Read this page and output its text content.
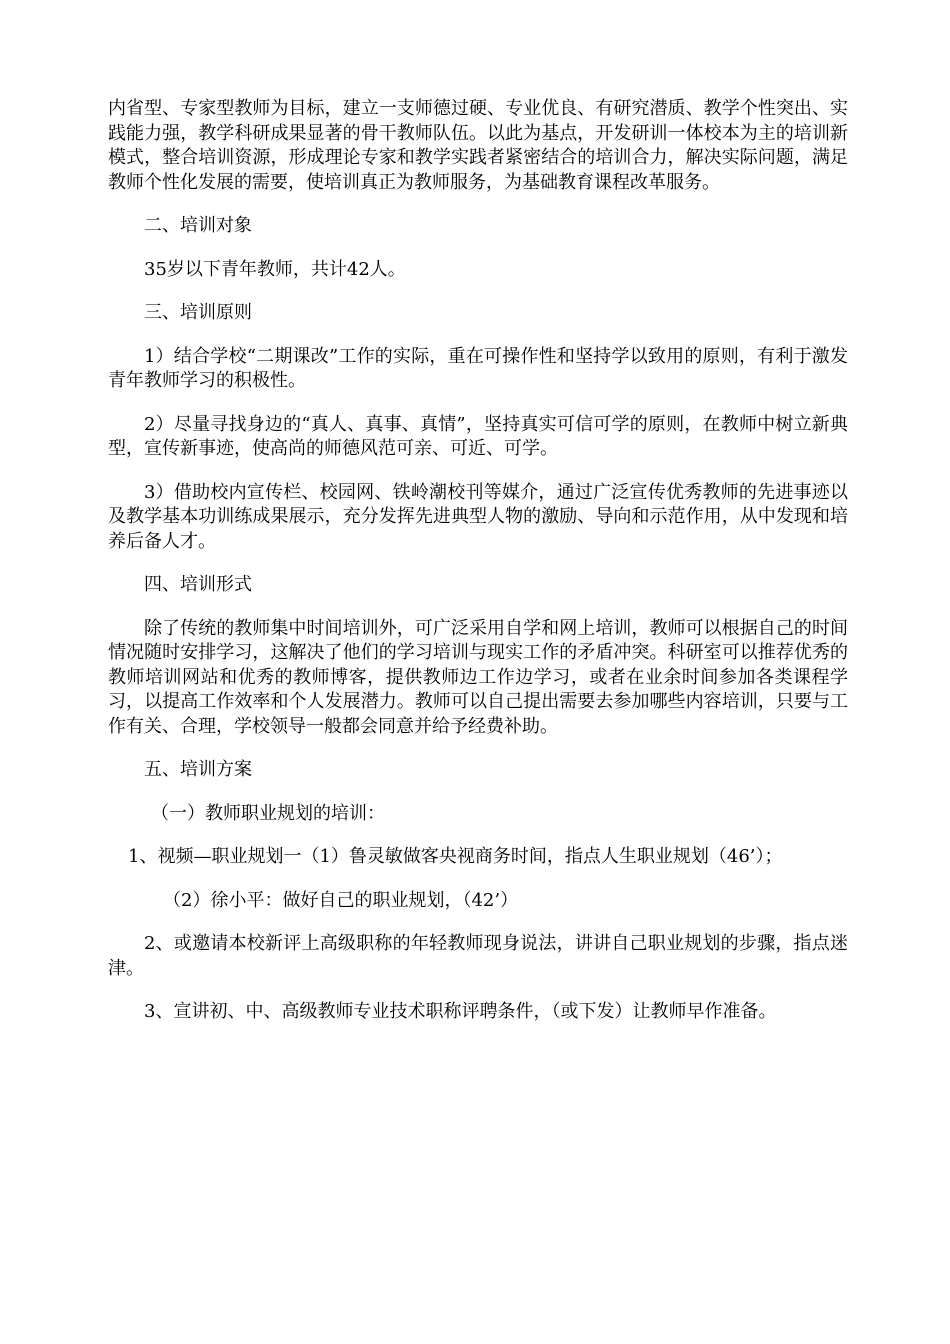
内省型、专家型教师为目标，建立一支师德过硬、专业优良、有研究潜质、教学个性突出、实践能力强，教学科研成果显著的骨干教师队伍。以此为基点，开发研训一体校本为主的培训新模式，整合培训资源，形成理论专家和教学实践者紧密结合的培训合力，解决实际问题，满足教师个性化发展的需要，使培训真正为教师服务，为基础教育课程改革服务。

二、培训对象

35岁以下青年教师，共计42人。

三、培训原则

1）结合学校“二期课改”工作的实际，重在可操作性和坚持学以致用的原则，有利于激发青年教师学习的积极性。

2）尽量寻找身边的“真人、真事、真情”，坚持真实可信可学的原则，在教师中树立新典型，宣传新事迹，使高尚的师德风范可亲、可近、可学。

3）借助校内宣传栏、校园网、铁岭潮校刊等媒介，通过广泛宣传优秀教师的先进事迹以及教学基本功训练成果展示，充分发挥先进典型人物的激励、导向和示范作用，从中发现和培养后备人才。

四、培训形式

除了传统的教师集中时间培训外，可广泛采用自学和网上培训，教师可以根据自己的时间情况随时安排学习，这解决了他们的学习培训与现实工作的矛盾冲突。科研室可以推荐优秀的教师培训网站和优秀的教师博客，提供教师边工作边学习，或者在业余时间参加各类课程学习，以提高工作效率和个人发展潜力。教师可以自己提出需要去参加哪些内容培训，只要与工作有关、合理，学校领导一般都会同意并给予经费补助。

五、培训方案

（一）教师职业规划的培训：

1、视频—职业规划一（1）鲁灵敏做客央视商务时间，指点人生职业规划（46’）；

（2）徐小平：做好自己的职业规划，（42’）

2、或邀请本校新评上高级职称的年轻教师现身说法，讲讲自己职业规划的步骤，指点迷津。

3、宣讲初、中、高级教师专业技术职称评聘条件，（或下发）让教师早作准备。
